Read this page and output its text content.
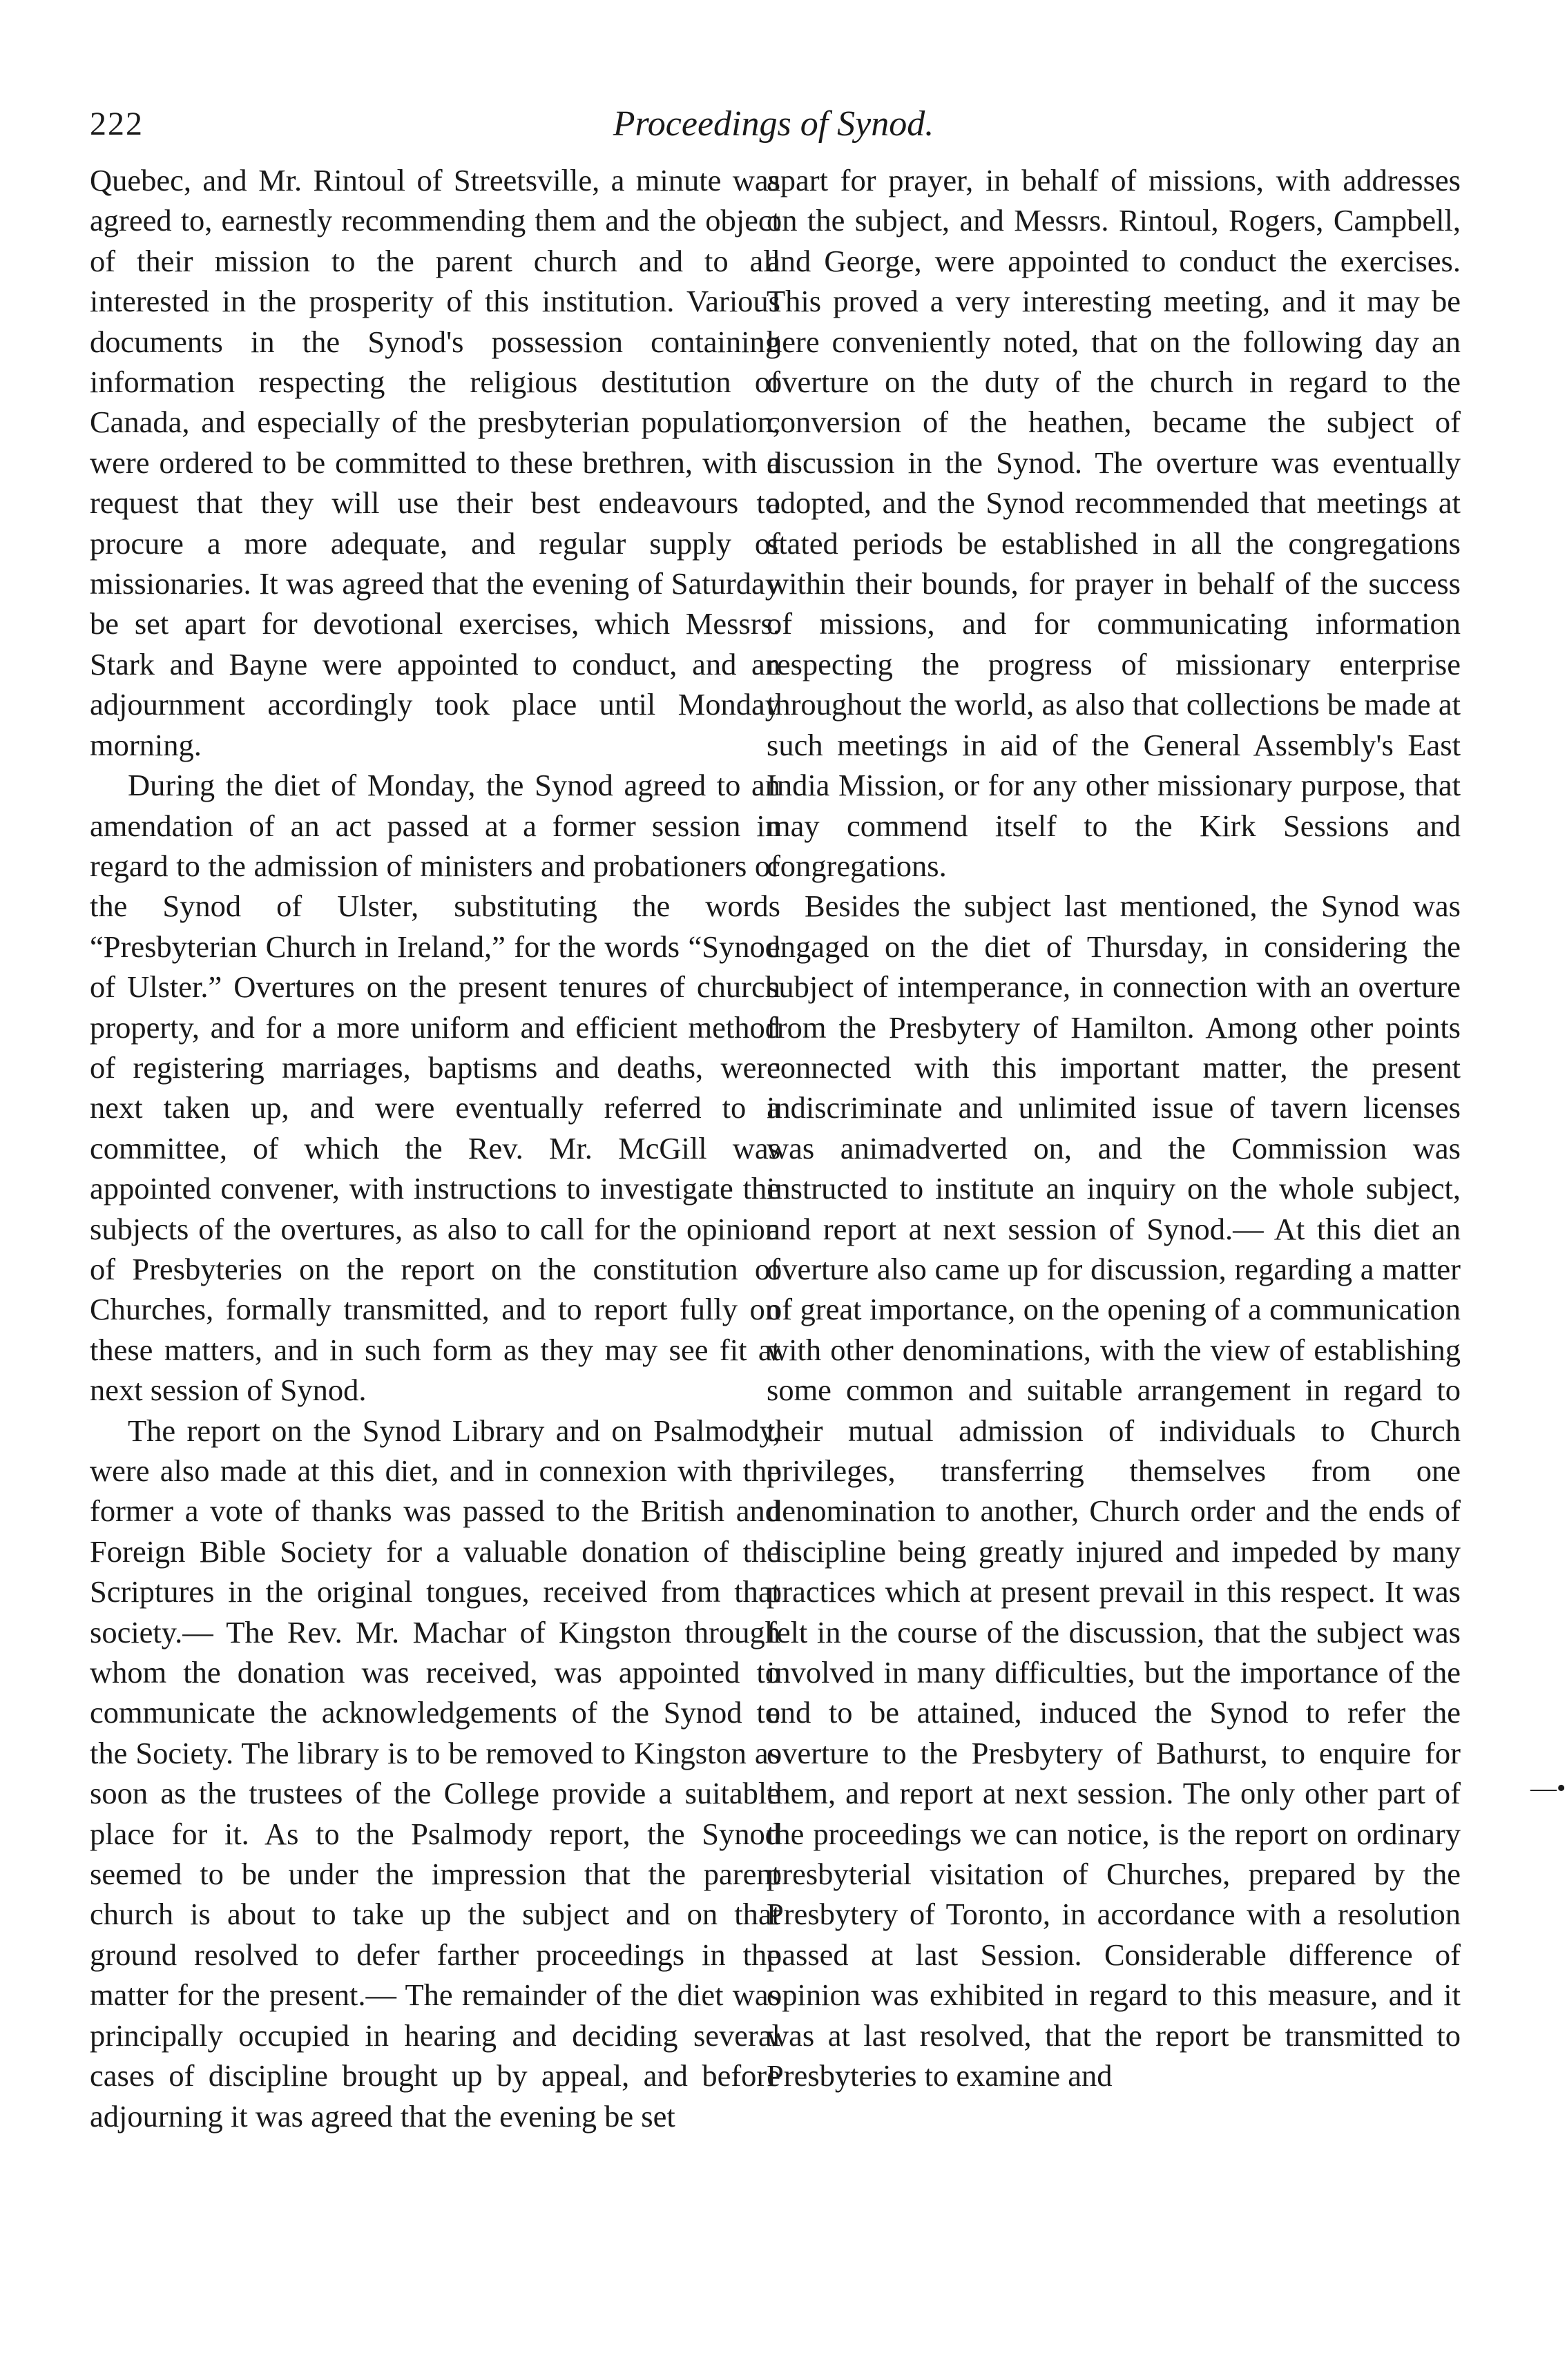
222	Proceedings of Synod.

Quebec, and Mr. Rintoul of Streetsville, a minute was agreed to, earnestly recommending them and the object of their mission to the parent church and to all interested in the prosperity of this institution. Various documents in the Synod's possession containing information respecting the religious destitution of Canada, and especially of the presbyterian population, were ordered to be committed to these brethren, with a request that they will use their best endeavours to procure a more adequate, and regular supply of missionaries. It was agreed that the evening of Saturday be set apart for devotional exercises, which Messrs. Stark and Bayne were appointed to conduct, and an adjournment accordingly took place until Monday morning.

During the diet of Monday, the Synod agreed to an amendation of an act passed at a former session in regard to the admission of ministers and probationers of the Synod of Ulster, substituting the words “Presbyterian Church in Ireland,” for the words “Synod of Ulster.” Overtures on the present tenures of church property, and for a more uniform and efficient method of registering marriages, baptisms and deaths, were next taken up, and were eventually referred to a committee, of which the Rev. Mr. McGill was appointed convener, with instructions to investigate the subjects of the overtures, as also to call for the opinion of Presbyteries on the report on the constitution of Churches, formally transmitted, and to report fully on these matters, and in such form as they may see fit at next session of Synod.

The report on the Synod Library and on Psalmody, were also made at this diet, and in connexion with the former a vote of thanks was passed to the British and Foreign Bible Society for a valuable donation of the Scriptures in the original tongues, received from that society.— The Rev. Mr. Machar of Kingston through whom the donation was received, was appointed to communicate the acknowledgements of the Synod to the Society. The library is to be removed to Kingston as soon as the trustees of the College provide a suitable place for it. As to the Psalmody report, the Synod seemed to be under the impression that the parent church is about to take up the subject and on that ground resolved to defer farther proceedings in the matter for the present.— The remainder of the diet was principally occupied in hearing and deciding several cases of discipline brought up by appeal, and before adjourning it was agreed that the evening be set

apart for prayer, in behalf of missions, with addresses on the subject, and Messrs. Rintoul, Rogers, Campbell, and George, were appointed to conduct the exercises. This proved a very interesting meeting, and it may be here conveniently noted, that on the following day an overture on the duty of the church in regard to the conversion of the heathen, became the subject of discussion in the Synod. The overture was eventually adopted, and the Synod recommended that meetings at stated periods be established in all the congregations within their bounds, for prayer in behalf of the success of missions, and for communicating information respecting the progress of missionary enterprise throughout the world, as also that collections be made at such meetings in aid of the General Assembly's East India Mission, or for any other missionary purpose, that may commend itself to the Kirk Sessions and congregations.

Besides the subject last mentioned, the Synod was engaged on the diet of Thursday, in considering the subject of intemperance, in connection with an overture from the Presbytery of Hamilton. Among other points connected with this important matter, the present indiscriminate and unlimited issue of tavern licenses was animadverted on, and the Commission was instructed to institute an inquiry on the whole subject, and report at next session of Synod.— At this diet an overture also came up for discussion, regarding a matter of great importance, on the opening of a communication with other denominations, with the view of establishing some common and suitable arrangement in regard to their mutual admission of individuals to Church privileges, transferring themselves from one denomination to another, Church order and the ends of discipline being greatly injured and impeded by many practices which at present prevail in this respect. It was felt in the course of the discussion, that the subject was involved in many difficulties, but the importance of the end to be attained, induced the Synod to refer the overture to the Presbytery of Bathurst, to enquire for them, and report at next session. The only other part of the proceedings we can notice, is the report on ordinary presbyterial visitation of Churches, prepared by the Presbytery of Toronto, in accordance with a resolution passed at last Session. Considerable difference of opinion was exhibited in regard to this measure, and it was at last resolved, that the report be transmitted to Presbyteries to examine and

—•
